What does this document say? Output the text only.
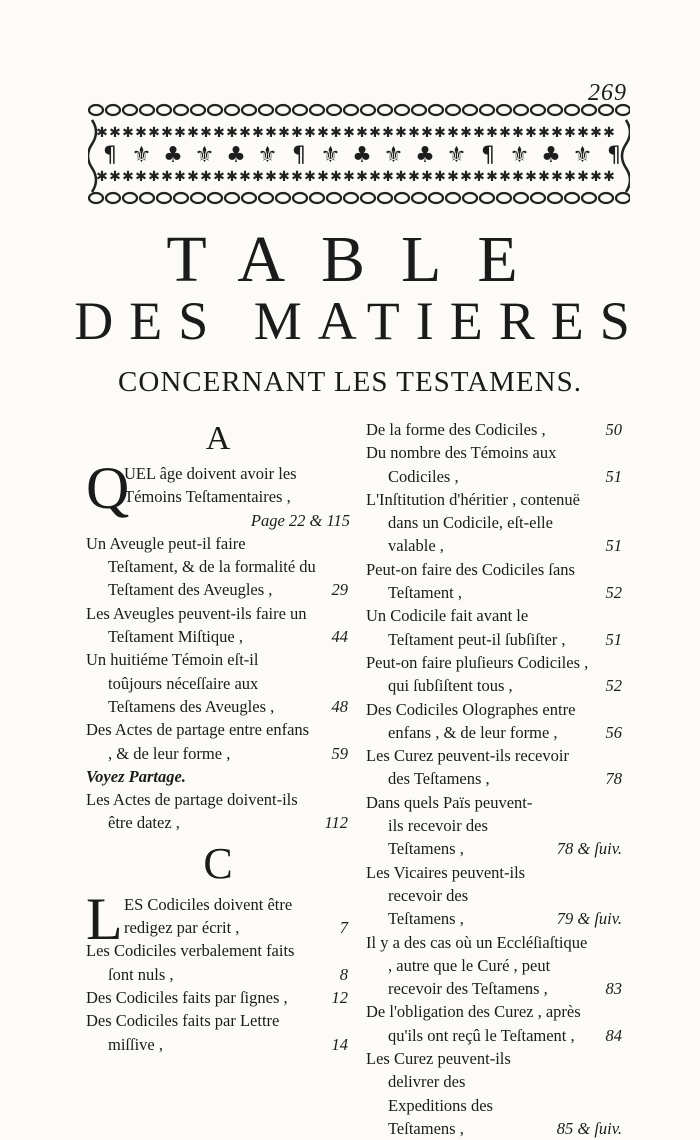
269
✱ ✱ ✱ ✱ ✱ ✱ ✱ ✱ ✱ ✱ ✱ ✱ ✱ ✱ ✱ ✱ ✱ ✱ ✱ ✱ ✱ ✱ ✱ ✱ ✱ ✱ ✱ ✱ ✱ ✱ ✱ ✱ ✱ ✱ ✱ ✱ ✱ ✱ ✱ ✱
✱ ✱ ✱ ✱ ✱ ✱ ✱ ✱ ✱ ✱ ✱ ✱ ✱ ✱ ✱ ✱ ✱ ✱ ✱ ✱ ✱ ✱ ✱ ✱ ✱ ✱ ✱ ✱ ✱ ✱ ✱ ✱ ✱ ✱ ✱ ✱ ✱ ✱ ✱ ✱
¶ ⚜ ♣ ⚜ ♣ ⚜ ¶ ⚜ ♣ ⚜ ♣ ⚜ ¶ ⚜ ♣ ⚜ ¶
TABLE
DES MATIERES
CONCERNANT LES TESTAMENS.
A
Q
UEL âge doivent avoir les Témoins Teſtamentaires ,
Page 22 & 115
Un Aveugle peut-il faire Teſtament, & de la formalité du Teſtament des Aveugles ,	29
Les Aveugles peuvent-ils faire un Teſtament Miſtique ,	44
Un huitiéme Témoin eſt-il toûjours néceſſaire aux Teſtamens des Aveugles ,	48
Des Actes de partage entre enfans , & de leur forme ,	59
Voyez Partage.
Les Actes de partage doivent-ils être datez ,	112
C
L ES Codiciles doivent être redigez par écrit ,	7
Les Codiciles verbalement faits ſont nuls ,	8
Des Codiciles faits par ſignes ,	12
Des Codiciles faits par Lettre miſſive ,	14
De la forme des Codiciles ,	50
Du nombre des Témoins aux Codiciles ,	51
L'Inſtitution d'héritier , contenuë dans un Codicile, eſt-elle valable ,	51
Peut-on faire des Codiciles ſans Teſtament ,	52
Un Codicile fait avant le Teſtament peut-il ſubſiſter ,	51
Peut-on faire pluſieurs Codiciles , qui ſubſiſtent tous ,	52
Des Codiciles Olographes entre enfans , & de leur forme ,	56
Les Curez peuvent-ils recevoir des Teſtamens ,	78
Dans quels Païs peuvent-ils recevoir des Teſtamens ,	78 & ſuiv.
Les Vicaires peuvent-ils recevoir des Teſtamens ,	79 & ſuiv.
Il y a des cas où un Eccléſiaſtique , autre que le Curé , peut recevoir des Teſtamens ,	83
De l'obligation des Curez , après qu'ils ont reçû le Teſtament ,	84
Les Curez peuvent-ils delivrer des Expeditions des Teſtamens ,	85 & ſuiv.
